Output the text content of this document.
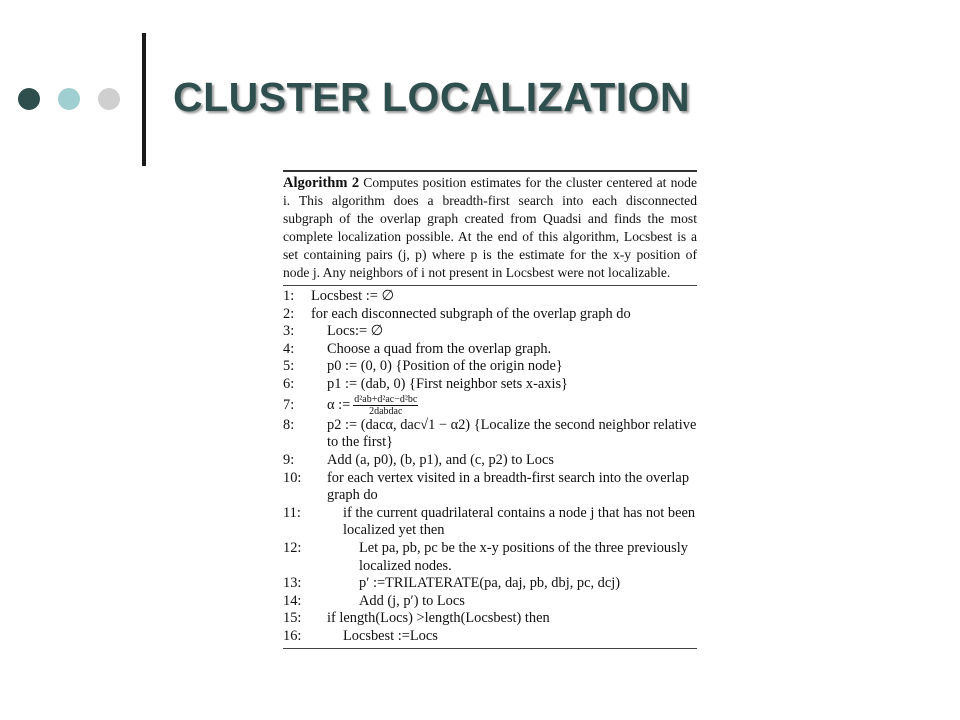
CLUSTER LOCALIZATION
Algorithm 2 Computes position estimates for the cluster centered at node i. This algorithm does a breadth-first search into each disconnected subgraph of the overlap graph created from Quadsi and finds the most complete localization possible. At the end of this algorithm, Locsbest is a set containing pairs (j, p) where p is the estimate for the x-y position of node j. Any neighbors of i not present in Locsbest were not localizable.
1:	Locsbest := ∅
2:	for each disconnected subgraph of the overlap graph do
3:	Locs:= ∅
4:	Choose a quad from the overlap graph.
5:	p0 := (0, 0) {Position of the origin node}
6:	p1 := (dab, 0) {First neighbor sets x-axis}
7:	α := $\frac{\text{d²ab+d²ac−d²bc}}{\text{2dabdac}}$
8:	p2 := (dacα, dac√1 − α2) {Localize the second neighbor relative to the first}
9:	Add (a, p0), (b, p1), and (c, p2) to Locs
10:	for each vertex visited in a breadth-first search into the overlap graph do
11:	if the current quadrilateral contains a node j that has not been localized yet then
12:	Let pa, pb, pc be the x-y positions of the three previously localized nodes.
13:	p′ :=TRILATERATE(pa, daj, pb, dbj, pc, dcj)
14:	Add (j, p′) to Locs
15:	if length(Locs) >length(Locsbest) then
16:	Locsbest :=Locs
